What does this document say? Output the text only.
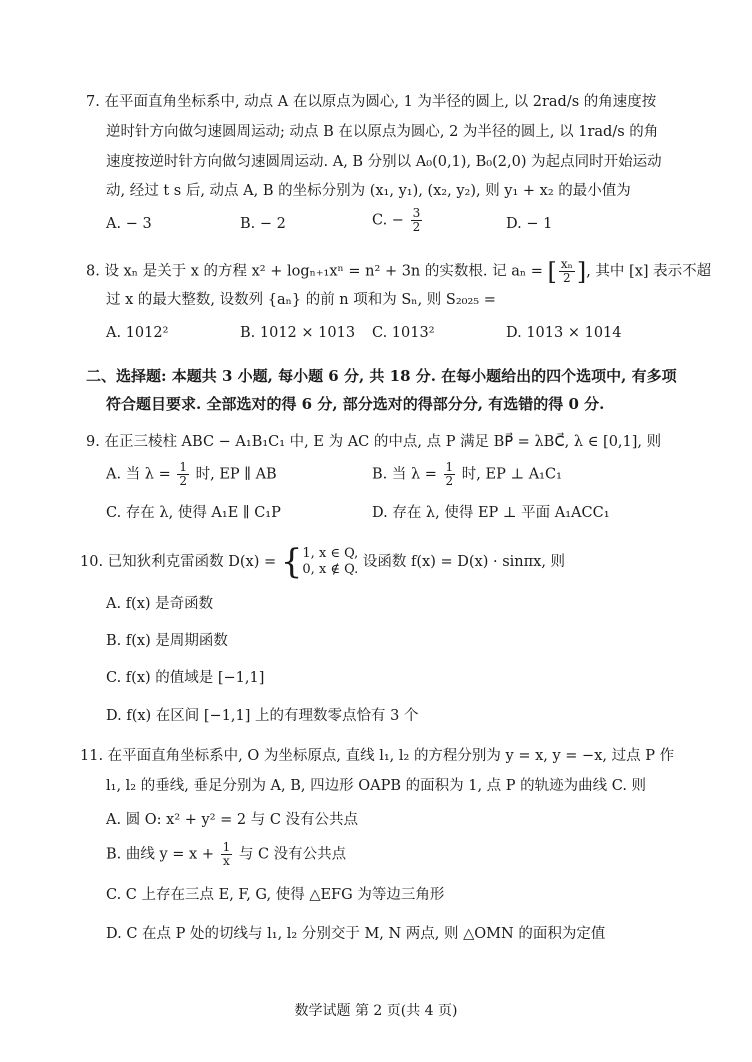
7. 在平面直角坐标系中, 动点 A 在以原点为圆心, 1 为半径的圆上, 以 2rad/s 的角速度按
逆时针方向做匀速圆周运动; 动点 B 在以原点为圆心, 2 为半径的圆上, 以 1rad/s 的角
速度按逆时针方向做匀速圆周运动. A, B 分别以 A₀(0,1), B₀(2,0) 为起点同时开始运动
动, 经过 t s 后, 动点 A, B 的坐标分别为 (x₁, y₁), (x₂, y₂), 则 y₁ + x₂ 的最小值为
A. − 3	B. − 2	C. − $\frac{3}{2}$	D. − 1
8. 设 xₙ 是关于 x 的方程 x² + logₙ₊₁xⁿ = n² + 3n 的实数根. 记 aₙ = [ $\frac{\text{xₙ}}{2}$ ], 其中 [x] 表示不超
过 x 的最大整数, 设数列 {aₙ} 的前 n 项和为 Sₙ, 则 S₂₀₂₅ =
A. 1012²	B. 1012 × 1013 C. 1013²	D. 1013 × 1014
二、选择题: 本题共 3 小题, 每小题 6 分, 共 18 分. 在每小题给出的四个选项中, 有多项
符合题目要求. 全部选对的得 6 分, 部分选对的得部分分, 有选错的得 0 分.
9. 在正三棱柱 ABC − A₁B₁C₁ 中, E 为 AC 的中点, 点 P 满足 BP⃗ = λBC⃗, λ ∈ [0,1], 则
A. 当 $\lambda = \frac{1}{2}$ 时, EP ∥ AB	B. 当 $\lambda = \frac{1}{2}$ 时, EP ⊥ A₁C₁
C. 存在 λ, 使得 A₁E ∥ C₁P	D. 存在 λ, 使得 EP ⊥ 平面 A₁ACC₁
10. 已知狄利克雷函数 D(x) = { 1, x ∈ Q,
0, x ∉ Q. 设函数 f(x) = D(x) · sinπx, 则
A. f(x) 是奇函数
B. f(x) 是周期函数
C. f(x) 的值域是 [−1,1]
D. f(x) 在区间 [−1,1] 上的有理数零点恰有 3 个
11. 在平面直角坐标系中, O 为坐标原点, 直线 l₁, l₂ 的方程分别为 y = x, y = −x, 过点 P 作
l₁, l₂ 的垂线, 垂足分别为 A, B, 四边形 OAPB 的面积为 1, 点 P 的轨迹为曲线 C. 则
A. 圆 O: x² + y² = 2 与 C 没有公共点
B. 曲线 $y = x + \frac{1}{x}$ 与 C 没有公共点
C. C 上存在三点 E, F, G, 使得 △EFG 为等边三角形
D. C 在点 P 处的切线与 l₁, l₂ 分别交于 M, N 两点, 则 △OMN 的面积为定值
数学试题 第 2 页(共 4 页)
